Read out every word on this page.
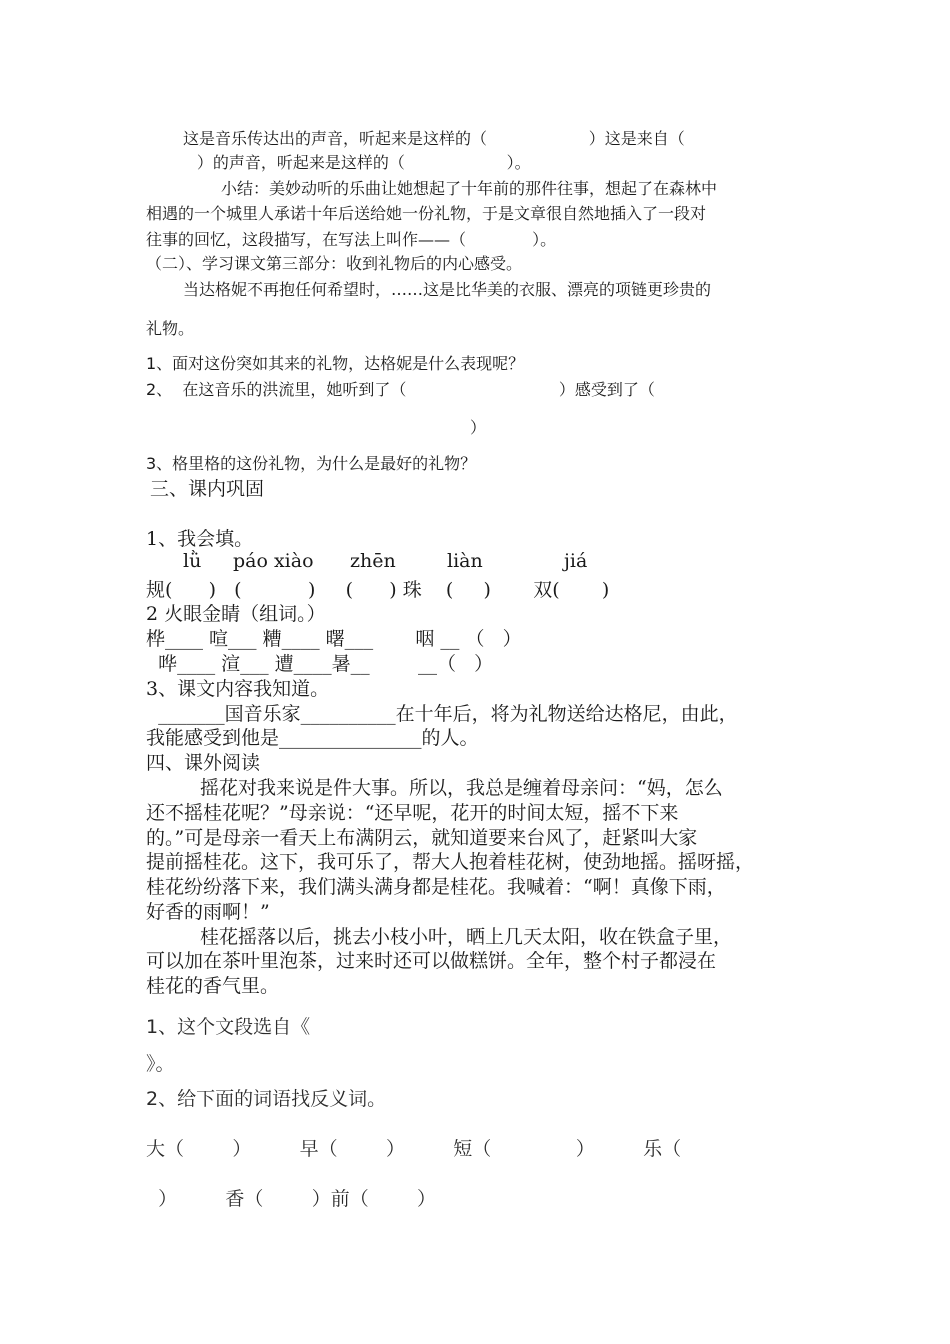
这是音乐传达出的声音，听起来是这样的（                    ）这是来自（
）的声音，听起来是这样的（                    ）。
小结：美妙动听的乐曲让她想起了十年前的那件往事，想起了在森林中
相遇的一个城里人承诺十年后送给她一份礼物，于是文章很自然地插入了一段对
往事的回忆，这段描写，在写法上叫作——（             ）。
（二）、学习课文第三部分：收到礼物后的内心感受。
当达格妮不再抱任何希望时，……这是比华美的衣服、漂亮的项链更珍贵的
礼物。
1、面对这份突如其来的礼物，达格妮是什么表现呢？
2、  在这音乐的洪流里，她听到了（                              ）感受到了（
）
3、格里格的这份礼物，为什么是最好的礼物？
三、课内巩固
1、我会填。
lǜ páo xiào zhēn	liàn	jiá
规(      )   (           )     (      ) 珠    (     )       双(       )
2 火眼金睛（组词。）
桦____ 喧___ 糟____ 曙___       咽 __ （   ）
哗____ 渲___ 遭____暑__        __（   ）
3、课文内容我知道。
_______国音乐家__________在十年后，将为礼物送给达格尼，由此，
我能感受到他是_______________的人。
四、课外阅读
摇花对我来说是件大事。所以，我总是缠着母亲问：“妈，怎么
还不摇桂花呢？”母亲说：“还早呢，花开的时间太短，摇不下来
的。”可是母亲一看天上布满阴云，就知道要来台风了，赶紧叫大家
提前摇桂花。这下，我可乐了，帮大人抱着桂花树，使劲地摇。摇呀摇，
桂花纷纷落下来，我们满头满身都是桂花。我喊着：“啊！真像下雨，
好香的雨啊！”
桂花摇落以后，挑去小枝小叶，晒上几天太阳，收在铁盒子里，
可以加在茶叶里泡茶，过来时还可以做糕饼。全年，整个村子都浸在
桂花的香气里。
1、这个文段选自《
》。
2、给下面的词语找反义词。
大（        ）        早（        ）        短（              ）        乐（
）        香（        ）前（        ）
